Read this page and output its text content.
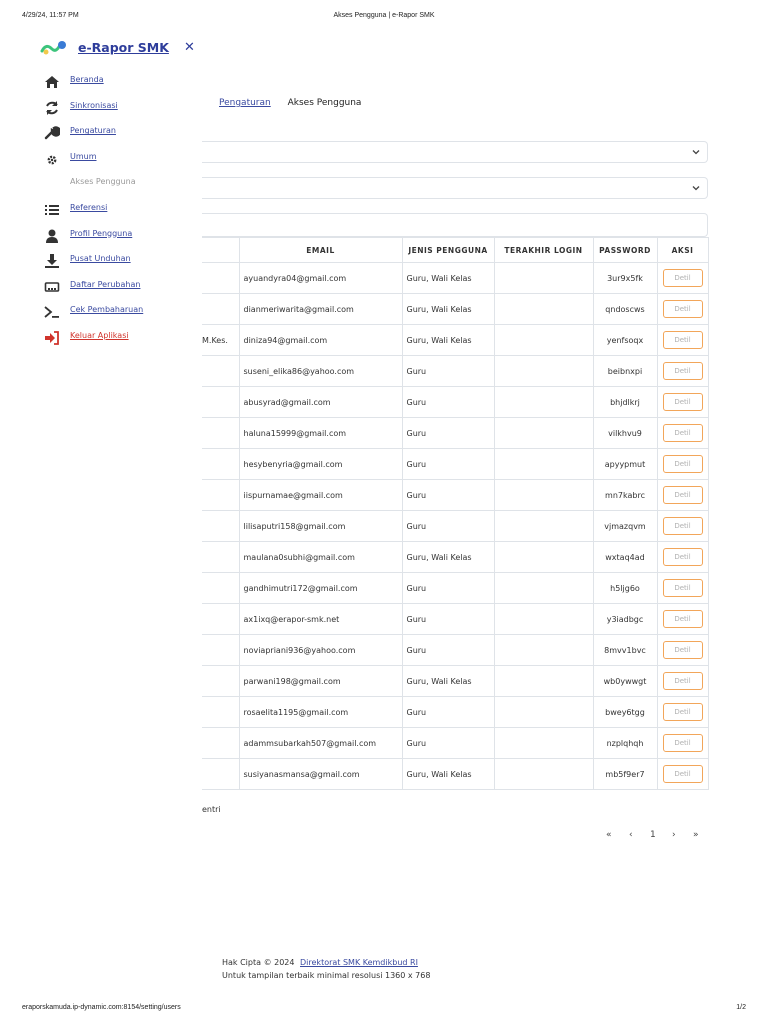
4/29/24, 11:57 PM	Akses Pengguna | e-Rapor SMK
e-Rapor SMK ✕
Beranda
Sinkronisasi
Pengaturan
Umum
Akses Pengguna
Referensi
Profil Pengguna
Pusat Unduhan
Daftar Perubahan
Cek Pembaharuan
Keluar Aplikasi
Pengaturan Akses Pengguna
	EMAIL	JENIS PENGGUNA	TERAKHIR LOGIN	PASSWORD	AKSI
	ayuandyra04@gmail.com	Guru, Wali Kelas		3ur9x5fk	Detil
	dianmeriwarita@gmail.com	Guru, Wali Kelas		qndoscws	Detil
M.Kes.	diniza94@gmail.com	Guru, Wali Kelas		yenfsoqx	Detil
	suseni_elika86@yahoo.com	Guru		beibnxpi	Detil
	abusyrad@gmail.com	Guru		bhjdlkrj	Detil
	haluna15999@gmail.com	Guru		vilkhvu9	Detil
	hesybenyria@gmail.com	Guru		apyypmut	Detil
	iispurnamae@gmail.com	Guru		mn7kabrc	Detil
	lilisaputri158@gmail.com	Guru		vjmazqvm	Detil
	maulana0subhi@gmail.com	Guru, Wali Kelas		wxtaq4ad	Detil
	gandhimutri172@gmail.com	Guru		h5ljg6o	Detil
	ax1ixq@erapor-smk.net	Guru		y3iadbgc	Detil
	noviapriani936@yahoo.com	Guru		8mvv1bvc	Detil
	parwani198@gmail.com	Guru, Wali Kelas		wb0ywwgt	Detil
	rosaelita1195@gmail.com	Guru		bwey6tgg	Detil
	adammsubarkah507@gmail.com	Guru		nzplqhqh	Detil
	susiyanasmansa@gmail.com	Guru, Wali Kelas		mb5f9er7	Detil
entri
« ‹ 1 › »
Hak Cipta © 2024 Direktorat SMK Kemdikbud RI
Untuk tampilan terbaik minimal resolusi 1360 x 768
eraporskamuda.ip-dynamic.com:8154/setting/users	1/2
